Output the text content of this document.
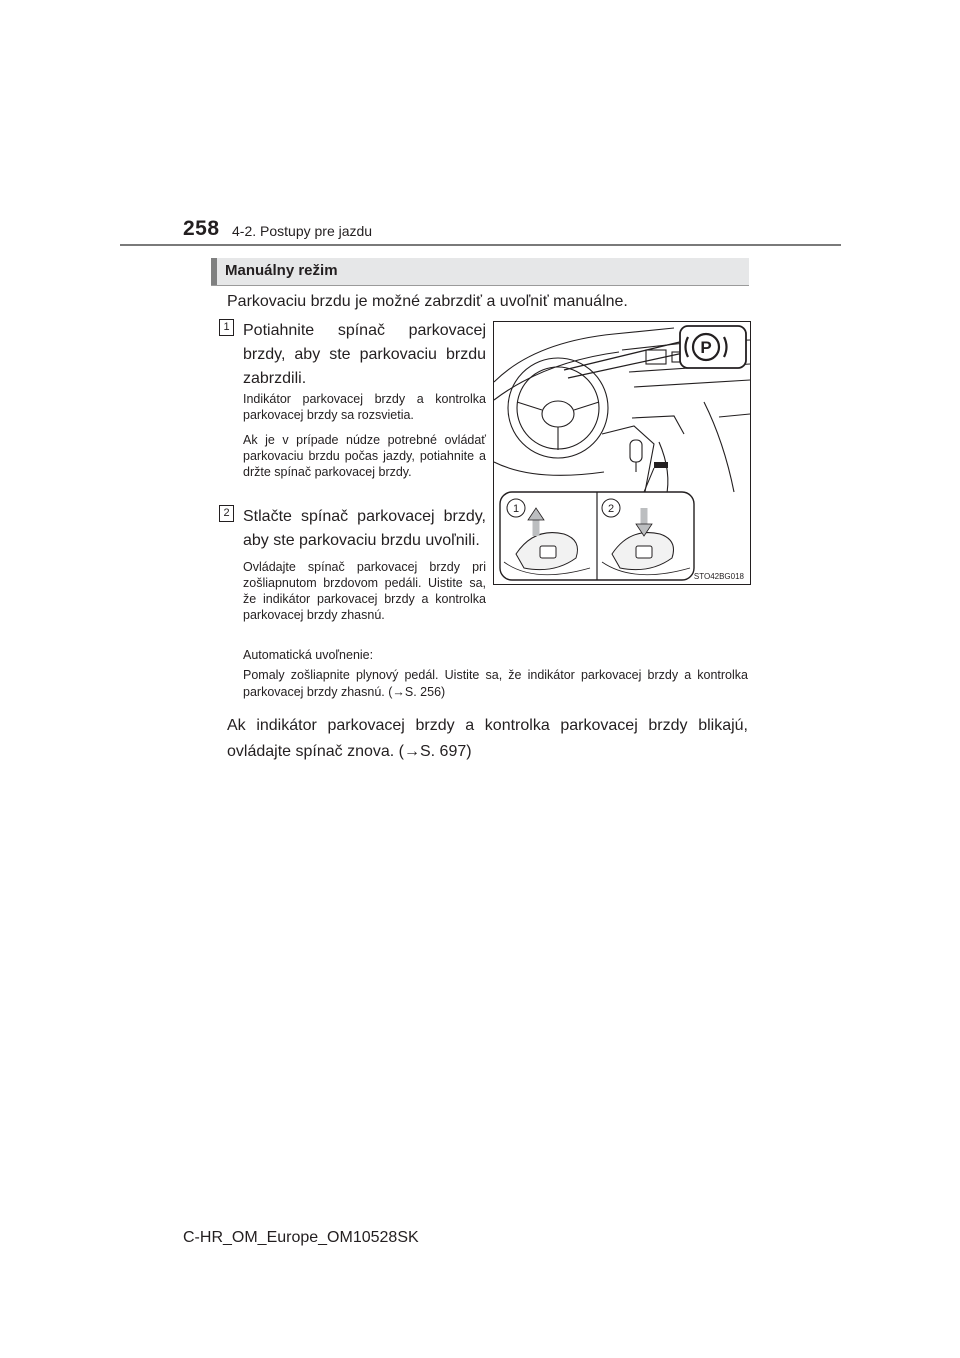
258 4-2. Postupy pre jazdu
Manuálny režim
Parkovaciu brzdu je možné zabrzdiť a uvoľniť manuálne.
1 Potiahnite spínač parkovacej brzdy, aby ste parkovaciu brzdu zabrzdili.
Indikátor parkovacej brzdy a kontrolka parkovacej brzdy sa rozsvietia.
Ak je v prípade núdze potrebné ovládať parkovaciu brzdu počas jazdy, potiahnite a držte spínač parkovacej brzdy.
2 Stlačte spínač parkovacej brzdy, aby ste parkovaciu brzdu uvoľnili.
Ovládajte spínač parkovacej brzdy pri zošliapnutom brzdovom pedáli. Uistite sa, že indikátor parkovacej brzdy a kontrolka parkovacej brzdy zhasnú.
Automatická uvoľnenie:
Pomaly zošliapnite plynový pedál. Uistite sa, že indikátor parkovacej brzdy a kontrolka parkovacej brzdy zhasnú. (→S. 256)
Ak indikátor parkovacej brzdy a kontrolka parkovacej brzdy blikajú, ovládajte spínač znova. (→S. 697)
P
1	2
STO42BG018
C-HR_OM_Europe_OM10528SK
